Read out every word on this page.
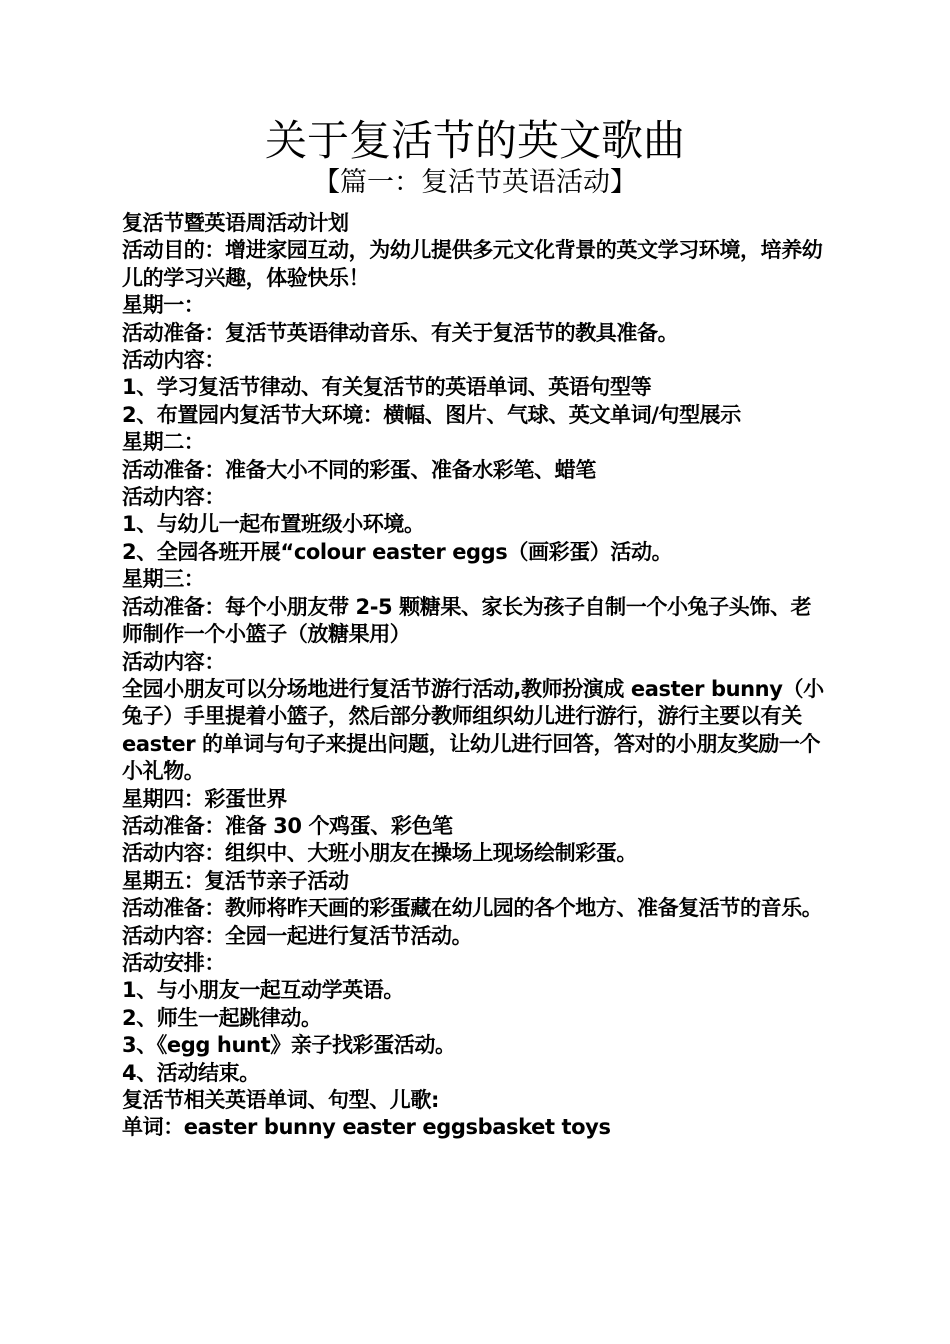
关于复活节的英文歌曲
【篇一：复活节英语活动】

复活节暨英语周活动计划

活动目的：增进家园互动，为幼儿提供多元文化背景的英文学习环境，培养幼儿的学习兴趣，体验快乐！

星期一：

活动准备：复活节英语律动音乐、有关于复活节的教具准备。

活动内容：

1、学习复活节律动、有关复活节的英语单词、英语句型等

2、布置园内复活节大环境：横幅、图片、气球、英文单词/句型展示

星期二：

活动准备：准备大小不同的彩蛋、准备水彩笔、蜡笔

活动内容：

1、与幼儿一起布置班级小环境。

2、全园各班开展“colour easter eggs（画彩蛋）活动。

星期三：

活动准备：每个小朋友带 2-5 颗糖果、家长为孩子自制一个小兔子头饰、老师制作一个小篮子（放糖果用）

活动内容：

全园小朋友可以分场地进行复活节游行活动,教师扮演成 easter bunny（小兔子）手里提着小篮子，然后部分教师组织幼儿进行游行，游行主要以有关 easter 的单词与句子来提出问题，让幼儿进行回答，答对的小朋友奖励一个小礼物。

星期四：彩蛋世界

活动准备：准备 30 个鸡蛋、彩色笔

活动内容：组织中、大班小朋友在操场上现场绘制彩蛋。

星期五：复活节亲子活动

活动准备：教师将昨天画的彩蛋藏在幼儿园的各个地方、准备复活节的音乐。

活动内容：全园一起进行复活节活动。

活动安排：

1、与小朋友一起互动学英语。

2、师生一起跳律动。

3、《egg hunt》亲子找彩蛋活动。

4、活动结束。

复活节相关英语单词、句型、儿歌:

单词：easter bunny easter eggsbasket toys
